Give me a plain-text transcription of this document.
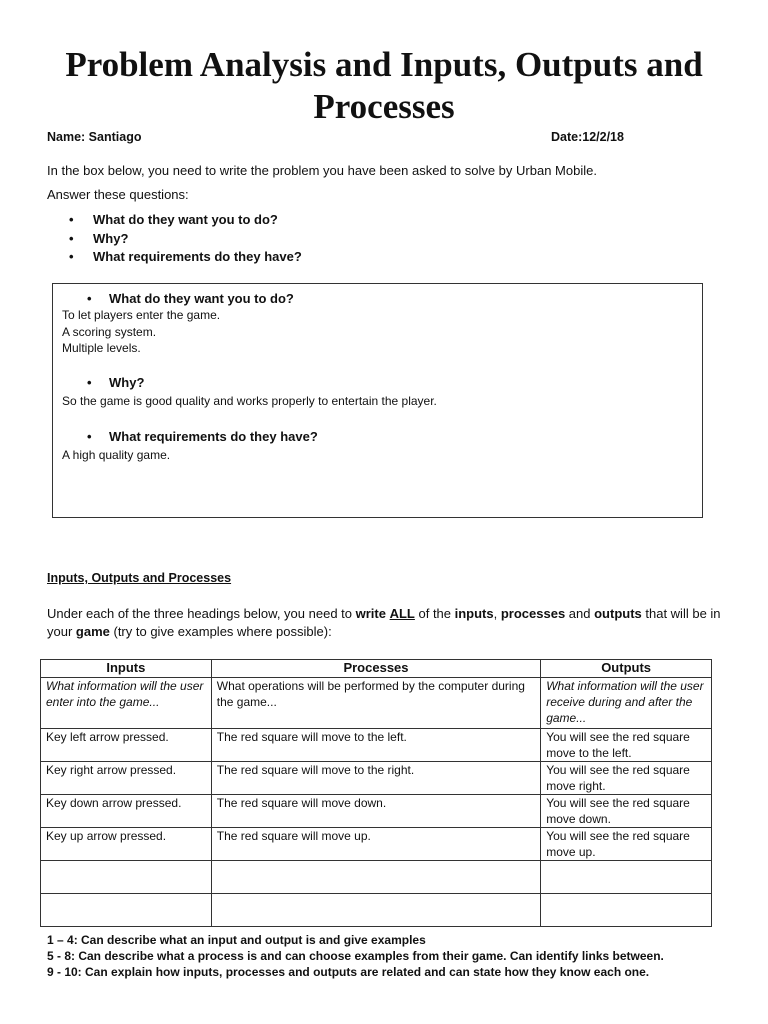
Problem Analysis and Inputs, Outputs and Processes
Name: Santiago	Date:12/2/18

In the box below, you need to write the problem you have been asked to solve by Urban Mobile.

Answer these questions:

• What do they want you to do?
• Why?
• What requirements do they have?
• What do they want you to do?
To let players enter the game.
A scoring system.
Multiple levels.
• Why?
So the game is good quality and works properly to entertain the player.
• What requirements do they have?
A high quality game.
Inputs, Outputs and Processes
Under each of the three headings below, you need to write ALL of the inputs, processes and outputs that will be in your game (try to give examples where possible):
Inputs	Processes	Outputs
What information will the user enter into the game...	What operations will be performed by the computer during the game...	What information will the user receive during and after the game...
Key left arrow pressed.	The red square will move to the left.	You will see the red square move to the left.
Key right arrow pressed.	The red square will move to the right.	You will see the red square move right.
Key down arrow pressed.	The red square will move down.	You will see the red square move down.
Key up arrow pressed.	The red square will move up.	You will see the red square move up.

1 – 4: Can describe what an input and output is and give examples
5 - 8: Can describe what a process is and can choose examples from their game. Can identify links between.
9 - 10: Can explain how inputs, processes and outputs are related and can state how they know each one.
